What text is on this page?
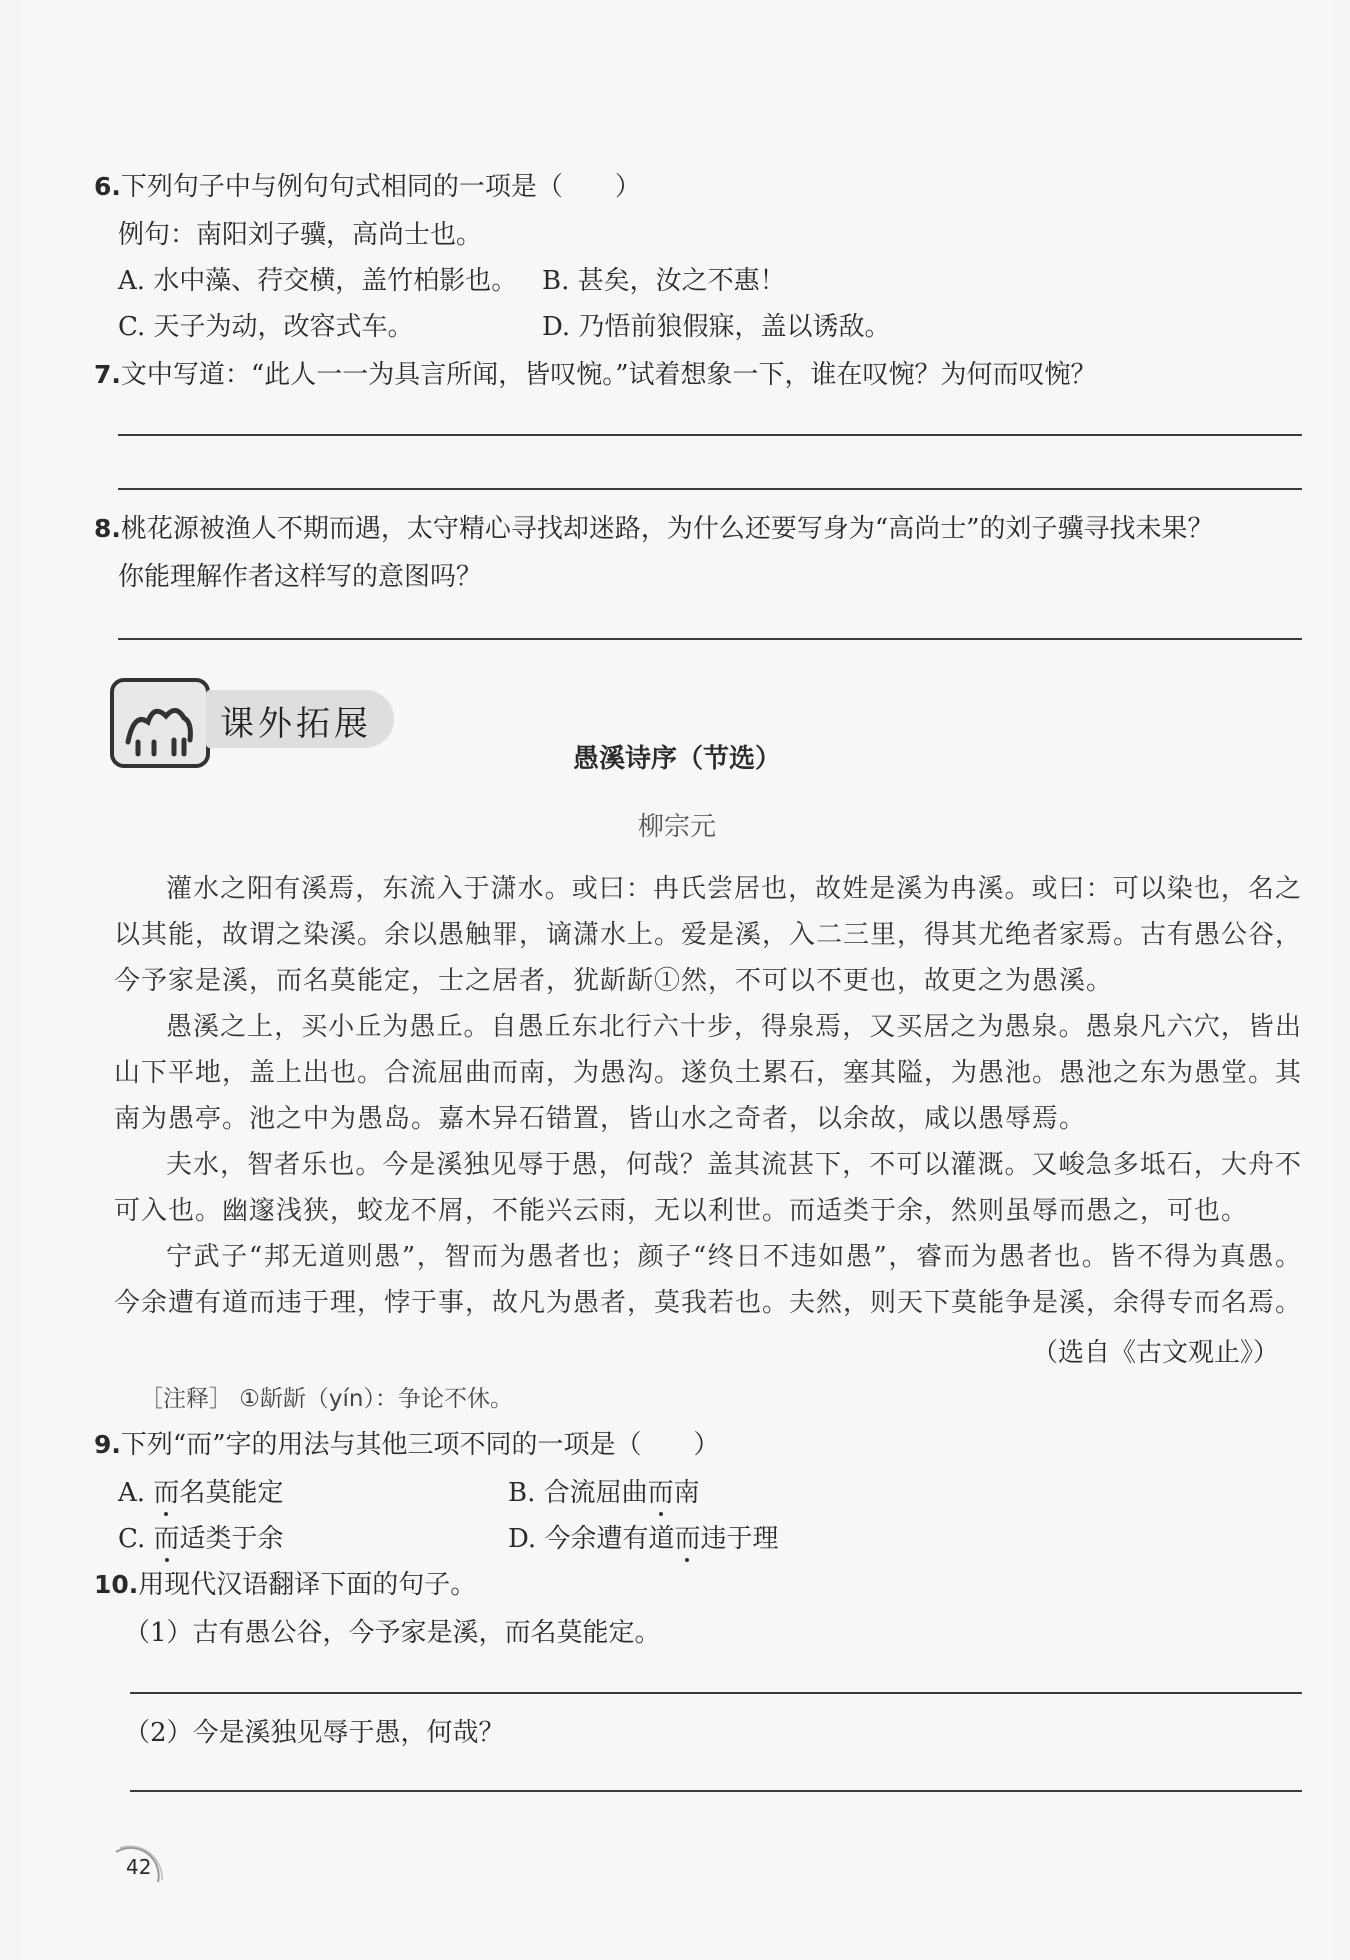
6.下列句子中与例句句式相同的一项是（　　）
例句：南阳刘子骥，高尚士也。
A. 水中藻、荇交横，盖竹柏影也。 B. 甚矣，汝之不惠！
C. 天子为动，改容式车。	D. 乃悟前狼假寐，盖以诱敌。
7.文中写道：“此人一一为具言所闻，皆叹惋。”试着想象一下，谁在叹惋？为何而叹惋？
8.桃花源被渔人不期而遇，太守精心寻找却迷路，为什么还要写身为“高尚士”的刘子骥寻找未果？
你能理解作者这样写的意图吗？
课外拓展
愚溪诗序（节选）
柳宗元

灌水之阳有溪焉，东流入于潇水。或曰：冉氏尝居也，故姓是溪为冉溪。或曰：可以染也，名之以其能，故谓之染溪。余以愚触罪，谪潇水上。爱是溪，入二三里，得其尤绝者家焉。古有愚公谷，今予家是溪，而名莫能定，士之居者，犹龂龂①然，不可以不更也，故更之为愚溪。

愚溪之上，买小丘为愚丘。自愚丘东北行六十步，得泉焉，又买居之为愚泉。愚泉凡六穴，皆出山下平地，盖上出也。合流屈曲而南，为愚沟。遂负土累石，塞其隘，为愚池。愚池之东为愚堂。其南为愚亭。池之中为愚岛。嘉木异石错置，皆山水之奇者，以余故，咸以愚辱焉。

夫水，智者乐也。今是溪独见辱于愚，何哉？盖其流甚下，不可以灌溉。又峻急多坻石，大舟不可入也。幽邃浅狭，蛟龙不屑，不能兴云雨，无以利世。而适类于余，然则虽辱而愚之，可也。

宁武子“邦无道则愚”，智而为愚者也；颜子“终日不违如愚”，睿而为愚者也。皆不得为真愚。今余遭有道而违于理，悖于事，故凡为愚者，莫我若也。夫然，则天下莫能争是溪，余得专而名焉。

（选自《古文观止》）
［注释］ ①龂龂（yín）：争论不休。
9.下列“而”字的用法与其他三项不同的一项是（　　）
A. 而名莫能定	B. 合流屈曲而南
C. 而适类于余	D. 今余遭有道而违于理
10.用现代汉语翻译下面的句子。
（1）古有愚公谷，今予家是溪，而名莫能定。
（2）今是溪独见辱于愚，何哉？
42
